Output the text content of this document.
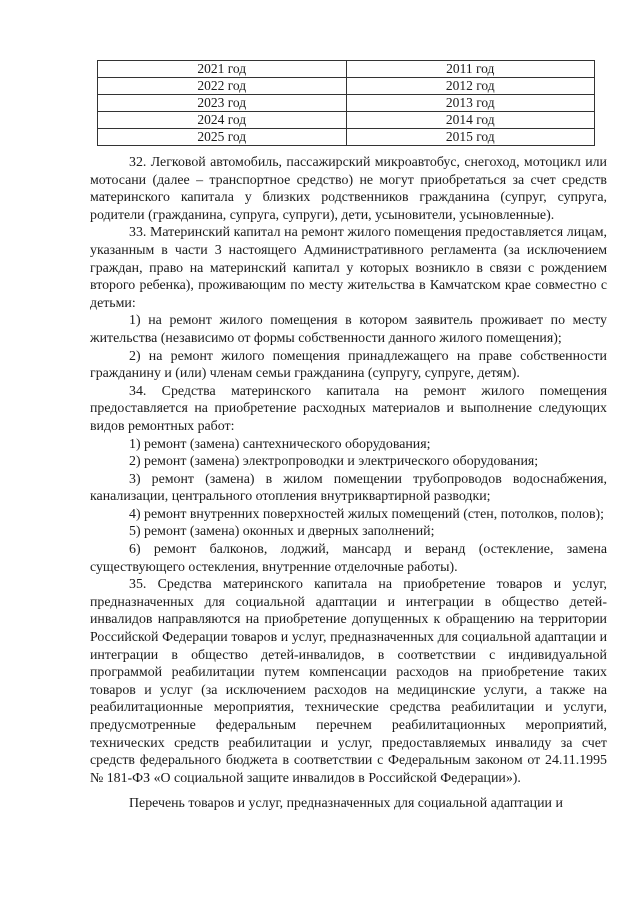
2021 год	2011 год
2022 год	2012 год
2023 год	2013 год
2024 год	2014 год
2025 год	2015 год

32. Легковой автомобиль, пассажирский микроавтобус, снегоход, мотоцикл или мотосани (далее – транспортное средство) не могут приобретаться за счет средств материнского капитала у близких родственников гражданина (супруг, супруга, родители (гражданина, супруга, супруги), дети, усыновители, усыновленные).

33. Материнский капитал на ремонт жилого помещения предоставляется лицам, указанным в части 3 настоящего Административного регламента (за исключением граждан, право на материнский капитал у которых возникло в связи с рождением второго ребенка), проживающим по месту жительства в Камчатском крае совместно с детьми:

1) на ремонт жилого помещения в котором заявитель проживает по месту жительства (независимо от формы собственности данного жилого помещения);

2) на ремонт жилого помещения принадлежащего на праве собственности гражданину и (или) членам семьи гражданина (супругу, супруге, детям).

34. Средства материнского капитала на ремонт жилого помещения предоставляется на приобретение расходных материалов и выполнение следующих видов ремонтных работ:

1) ремонт (замена) сантехнического оборудования;

2) ремонт (замена) электропроводки и электрического оборудования;

3) ремонт (замена) в жилом помещении трубопроводов водоснабжения, канализации, центрального отопления внутриквартирной разводки;

4) ремонт внутренних поверхностей жилых помещений (стен, потолков, полов);

5) ремонт (замена) оконных и дверных заполнений;

6) ремонт балконов, лоджий, мансард и веранд (остекление, замена существующего остекления, внутренние отделочные работы).

35. Средства материнского капитала на приобретение товаров и услуг, предназначенных для социальной адаптации и интеграции в общество детей-инвалидов направляются на приобретение допущенных к обращению на территории Российской Федерации товаров и услуг, предназначенных для социальной адаптации и интеграции в общество детей-инвалидов, в соответствии с индивидуальной программой реабилитации путем компенсации расходов на приобретение таких товаров и услуг (за исключением расходов на медицинские услуги, а также на реабилитационные мероприятия, технические средства реабилитации и услуги, предусмотренные федеральным перечнем реабилитационных мероприятий, технических средств реабилитации и услуг, предоставляемых инвалиду за счет средств федерального бюджета в соответствии с Федеральным законом от 24.11.1995 № 181-ФЗ «О социальной защите инвалидов в Российской Федерации»).

Перечень товаров и услуг, предназначенных для социальной адаптации и
